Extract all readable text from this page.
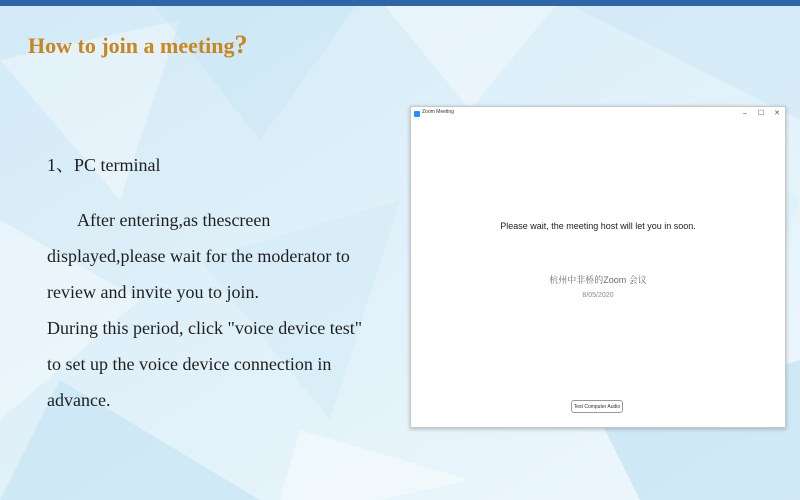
How to join a meeting?
1、PC terminal
After entering,as thescreen
displayed,please wait for the moderator to
review and invite you to join.
During this period, click "voice device test"
to set up the voice device connection in
advance.
Zoom Meeting	–	☐	✕
Please wait, the meeting host will let you in soon.
杭州中非桥的Zoom 会议
8/05/2020
Test Computer Audio
